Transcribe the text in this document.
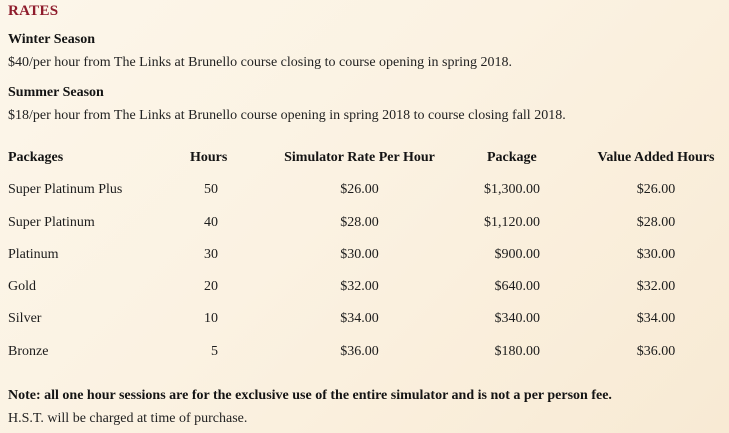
RATES
Winter Season
$40/per hour from The Links at Brunello course closing to course opening in spring 2018.
Summer Season
$18/per hour from The Links at Brunello course opening in spring 2018 to course closing fall 2018.
Packages	Hours	Simulator Rate Per Hour	Package	Value Added Hours
Super Platinum Plus	50	$26.00	$1,300.00	$26.00
Super Platinum	40	$28.00	$1,120.00	$28.00
Platinum	30	$30.00	$900.00	$30.00
Gold	20	$32.00	$640.00	$32.00
Silver	10	$34.00	$340.00	$34.00
Bronze	5	$36.00	$180.00	$36.00
Note: all one hour sessions are for the exclusive use of the entire simulator and is not a per person fee.
H.S.T. will be charged at time of purchase.
